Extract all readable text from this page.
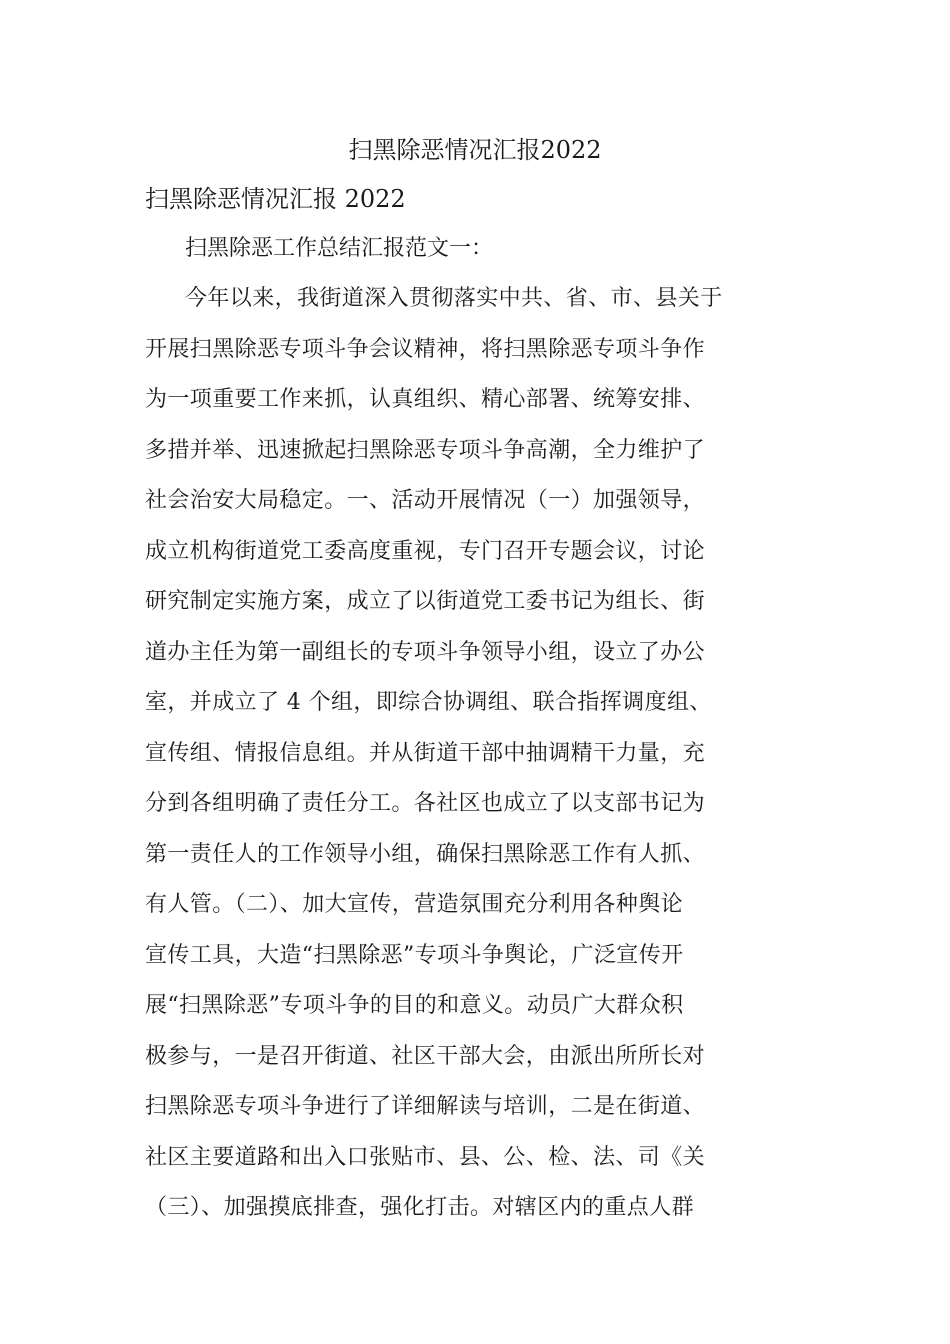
扫黑除恶情况汇报2022
扫黑除恶情况汇报 2022
扫黑除恶工作总结汇报范文一：
今年以来，我街道深入贯彻落实中共、省、市、县关于
开展扫黑除恶专项斗争会议精神，将扫黑除恶专项斗争作
为一项重要工作来抓，认真组织、精心部署、统筹安排、
多措并举、迅速掀起扫黑除恶专项斗争高潮，全力维护了
社会治安大局稳定。一、活动开展情况（一）加强领导，
成立机构街道党工委高度重视，专门召开专题会议，讨论
研究制定实施方案，成立了以街道党工委书记为组长、街
道办主任为第一副组长的专项斗争领导小组，设立了办公
室，并成立了 4 个组，即综合协调组、联合指挥调度组、
宣传组、情报信息组。并从街道干部中抽调精干力量，充
分到各组明确了责任分工。各社区也成立了以支部书记为
第一责任人的工作领导小组，确保扫黑除恶工作有人抓、
有人管。（二）、加大宣传，营造氛围充分利用各种舆论
宣传工具，大造“扫黑除恶”专项斗争舆论，广泛宣传开
展“扫黑除恶”专项斗争的目的和意义。动员广大群众积
极参与，一是召开街道、社区干部大会，由派出所所长对
扫黑除恶专项斗争进行了详细解读与培训，二是在街道、
社区主要道路和出入口张贴市、县、公、检、法、司《关
（三）、加强摸底排查，强化打击。对辖区内的重点人群
